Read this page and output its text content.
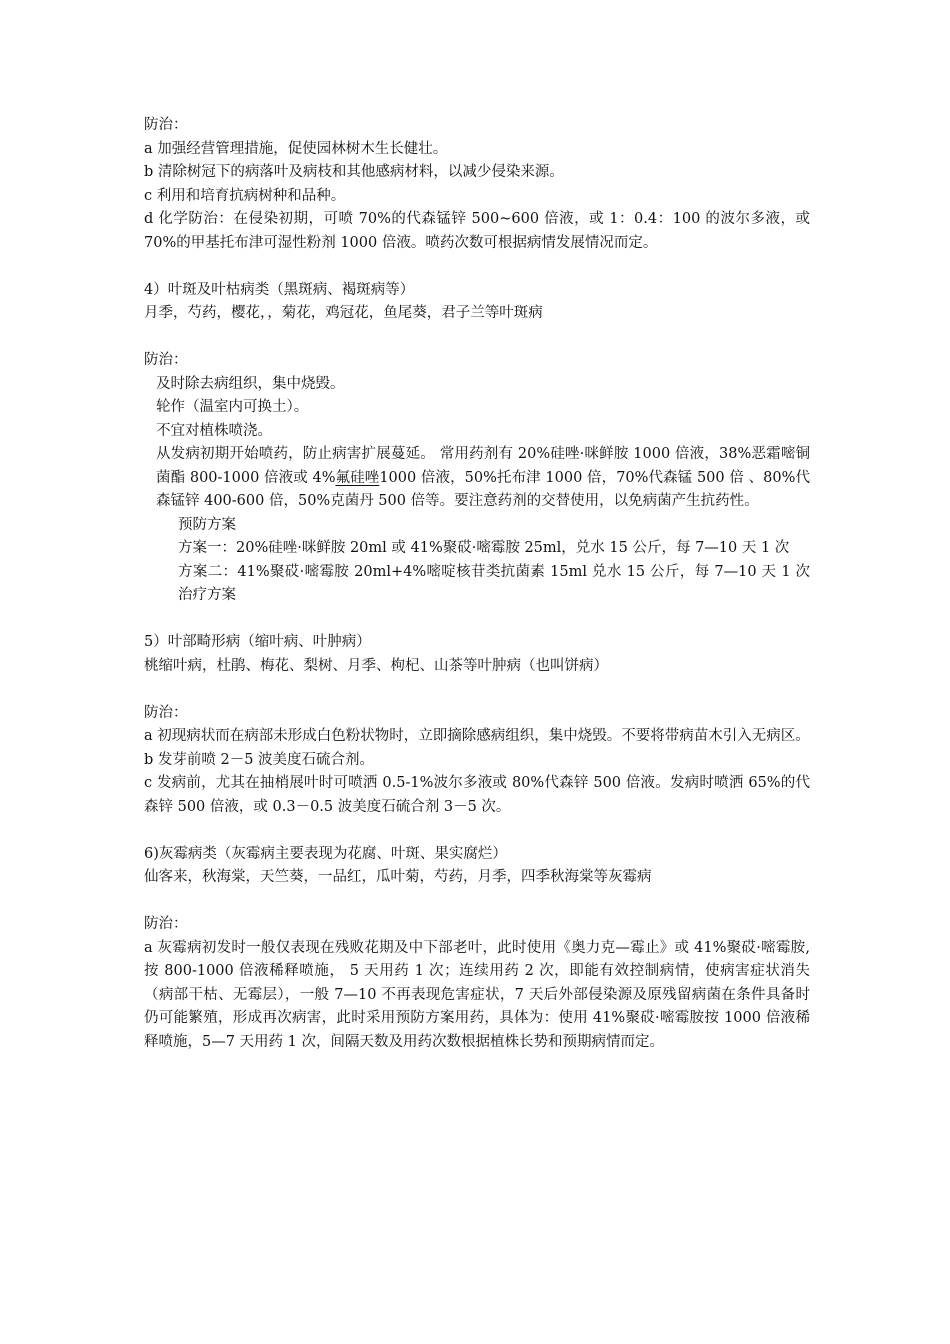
防治：
a 加强经营管理措施，促使园林树木生长健壮。
b 清除树冠下的病落叶及病枝和其他感病材料，以减少侵染来源。
c 利用和培育抗病树种和品种。
d 化学防治：在侵染初期，可喷 70%的代森锰锌 500~600 倍液，或 1：0.4：100 的波尔多液，或 70%的甲基托布津可湿性粉剂 1000 倍液。喷药次数可根据病情发展情况而定。
4）叶斑及叶枯病类（黑斑病、褐斑病等）
月季，芍药，樱花，，菊花，鸡冠花，鱼尾葵，君子兰等叶斑病
防治：
及时除去病组织，集中烧毁。
轮作（温室内可换土）。
不宜对植株喷浇。
从发病初期开始喷药，防止病害扩展蔓延。 常用药剂有 20%硅唑·咪鲜胺 1000 倍液，38%恶霜嘧铜菌酯 800-1000 倍液或 4%氟硅唑1000 倍液，50%托布津 1000 倍，70%代森锰 500 倍 、80%代森锰锌 400-600 倍，50%克菌丹 500 倍等。要注意药剂的交替使用，以免病菌产生抗药性。
预防方案
方案一：20%硅唑·咪鲜胺 20ml 或 41%聚砹·嘧霉胺 25ml，兑水 15 公斤，每 7—10 天 1 次
方案二：41%聚砹·嘧霉胺 20ml+4%嘧啶核苷类抗菌素 15ml 兑水 15 公斤，每 7—10 天 1 次 治疗方案
5）叶部畸形病（缩叶病、叶肿病）
桃缩叶病，杜鹃、梅花、梨树、月季、枸杞、山茶等叶肿病（也叫饼病）
防治：
a 初现病状而在病部未形成白色粉状物时，立即摘除感病组织，集中烧毁。不要将带病苗木引入无病区。
b 发芽前喷 2－5 波美度石硫合剂。
c 发病前，尤其在抽梢展叶时可喷洒 0.5-1%波尔多液或 80%代森锌 500 倍液。发病时喷洒 65%的代森锌 500 倍液，或 0.3－0.5 波美度石硫合剂 3－5 次。
6)灰霉病类（灰霉病主要表现为花腐、叶斑、果实腐烂）
仙客来，秋海棠，天竺葵，一品红，瓜叶菊，芍药，月季，四季秋海棠等灰霉病
防治：
a 灰霉病初发时一般仅表现在残败花期及中下部老叶，此时使用《奥力克—霉止》或 41%聚砹·嘧霉胺,按 800-1000 倍液稀释喷施， 5 天用药 1 次；连续用药 2 次，即能有效控制病情，使病害症状消失（病部干枯、无霉层），一般 7—10 不再表现危害症状，7 天后外部侵染源及原残留病菌在条件具备时仍可能繁殖，形成再次病害，此时采用预防方案用药，具体为：使用 41%聚砹·嘧霉胺按 1000 倍液稀释喷施，5—7 天用药 1 次，间隔天数及用药次数根据植株长势和预期病情而定。
